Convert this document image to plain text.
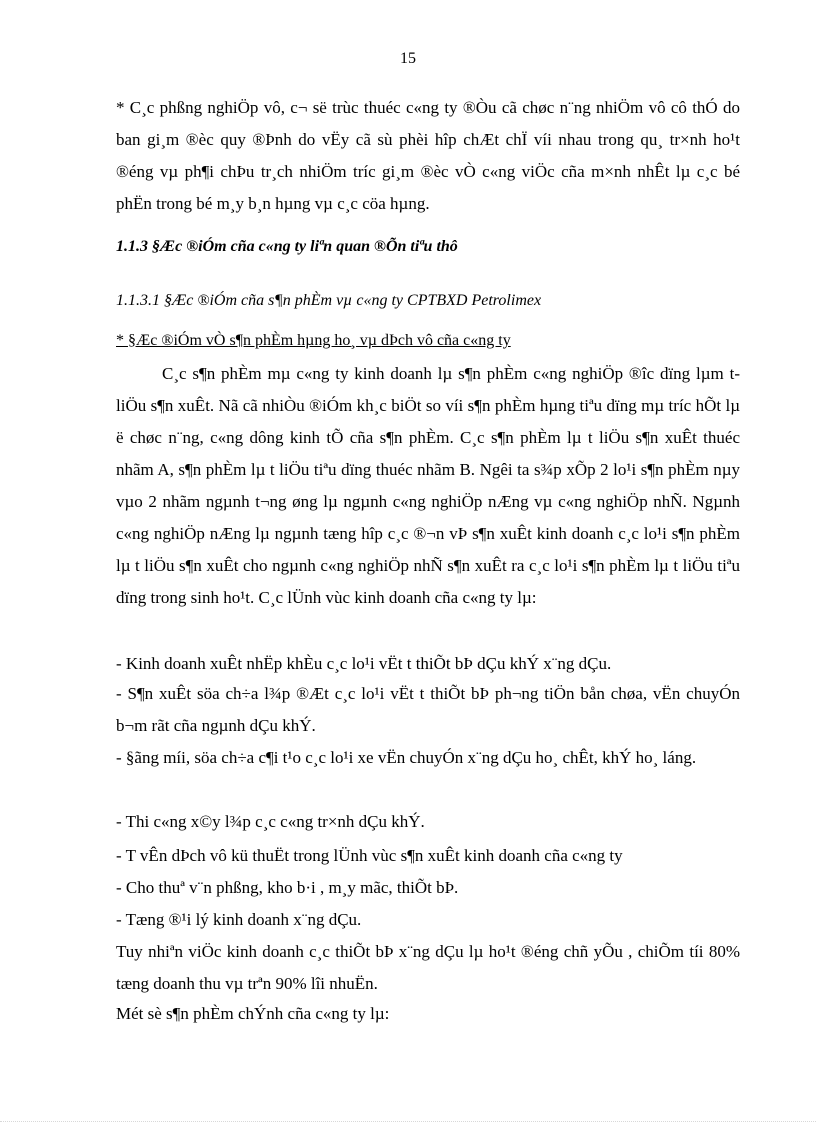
15

* C¸c phßng nghiÖp vô, c¬ së trùc thuéc c«ng ty ®Òu cã chøc n¨ng nhiÖm vô cô thÓ do ban gi¸m ®èc quy ®Þnh do vËy cã sù phèi hîp chÆt chÏ víi nhau trong qu¸ tr×nh ho¹t ®éng vµ ph¶i chÞu tr¸ch nhiÖm tríc gi¸m ®èc vÒ c«ng viÖc cña m×nh nhÊt lµ c¸c bé phËn trong bé m¸y b¸n hµng vµ c¸c cöa hµng.

1.1.3 §Æc ®iÓm cña c«ng ty liªn quan ®Õn tiªu thô
1.1.3.1 §Æc ®iÓm cña s¶n phÈm vµ c«ng ty CPTBXD Petrolimex
* §Æc ®iÓm vÒ s¶n phÈm hµng ho¸ vµ dÞch vô cña c«ng ty

C¸c s¶n phÈm mµ c«ng ty kinh doanh lµ s¶n phÈm c«ng nghiÖp ®îc dïng lµm t liÖu s¶n xuÊt. Nã cã nhiÒu ®iÓm kh¸c biÖt so víi s¶n phÈm hµng tiªu dïng mµ tríc hÕt lµ ë chøc n¨ng, c«ng dông kinh tÕ cña s¶n phÈm. C¸c s¶n phÈm lµ t liÖu s¶n xuÊt thuéc nhãm A, s¶n phÈm lµ t liÖu tiªu dïng thuéc nhãm B. Ngêi ta s¾p xÕp 2 lo¹i s¶n phÈm nµy vµo 2 nhãm ngµnh t¬ng øng lµ ngµnh c«ng nghiÖp nÆng vµ c«ng nghiÖp nhÑ. Ngµnh c«ng nghiÖp nÆng lµ ngµnh tæng hîp c¸c ®¬n vÞ s¶n xuÊt kinh doanh c¸c lo¹i s¶n phÈm lµ t liÖu s¶n xuÊt cho ngµnh c«ng nghiÖp nhÑ s¶n xuÊt ra c¸c lo¹i s¶n phÈm lµ t liÖu tiªu dïng trong sinh ho¹t. C¸c lÜnh vùc kinh doanh cña c«ng ty lµ:

- Kinh doanh xuÊt nhËp khÈu c¸c lo¹i vËt t thiÕt bÞ dÇu khÝ x¨ng dÇu.

- S¶n xuÊt söa ch÷a l¾p ®Æt c¸c lo¹i vËt t thiÕt bÞ ph¬ng tiÖn bån chøa, vËn chuyÓn b¬m rãt cña ngµnh dÇu khÝ.

- §ãng míi, söa ch÷a c¶i t¹o c¸c lo¹i xe vËn chuyÓn x¨ng dÇu ho¸ chÊt, khÝ ho¸ láng.

- Thi c«ng x©y l¾p c¸c c«ng tr×nh dÇu khÝ.
- T vÊn dÞch vô kü thuËt trong lÜnh vùc s¶n xuÊt kinh doanh cña c«ng ty
- Cho thuª v¨n phßng, kho b·i , m¸y mãc, thiÕt bÞ.
- Tæng ®¹i lý kinh doanh x¨ng dÇu.

Tuy nhiªn viÖc kinh doanh c¸c thiÕt bÞ x¨ng dÇu lµ ho¹t ®éng chñ yÕu , chiÕm tíi 80% tæng doanh thu vµ trªn 90% lîi nhuËn.

Mét sè s¶n phÈm chÝnh cña c«ng ty lµ:
